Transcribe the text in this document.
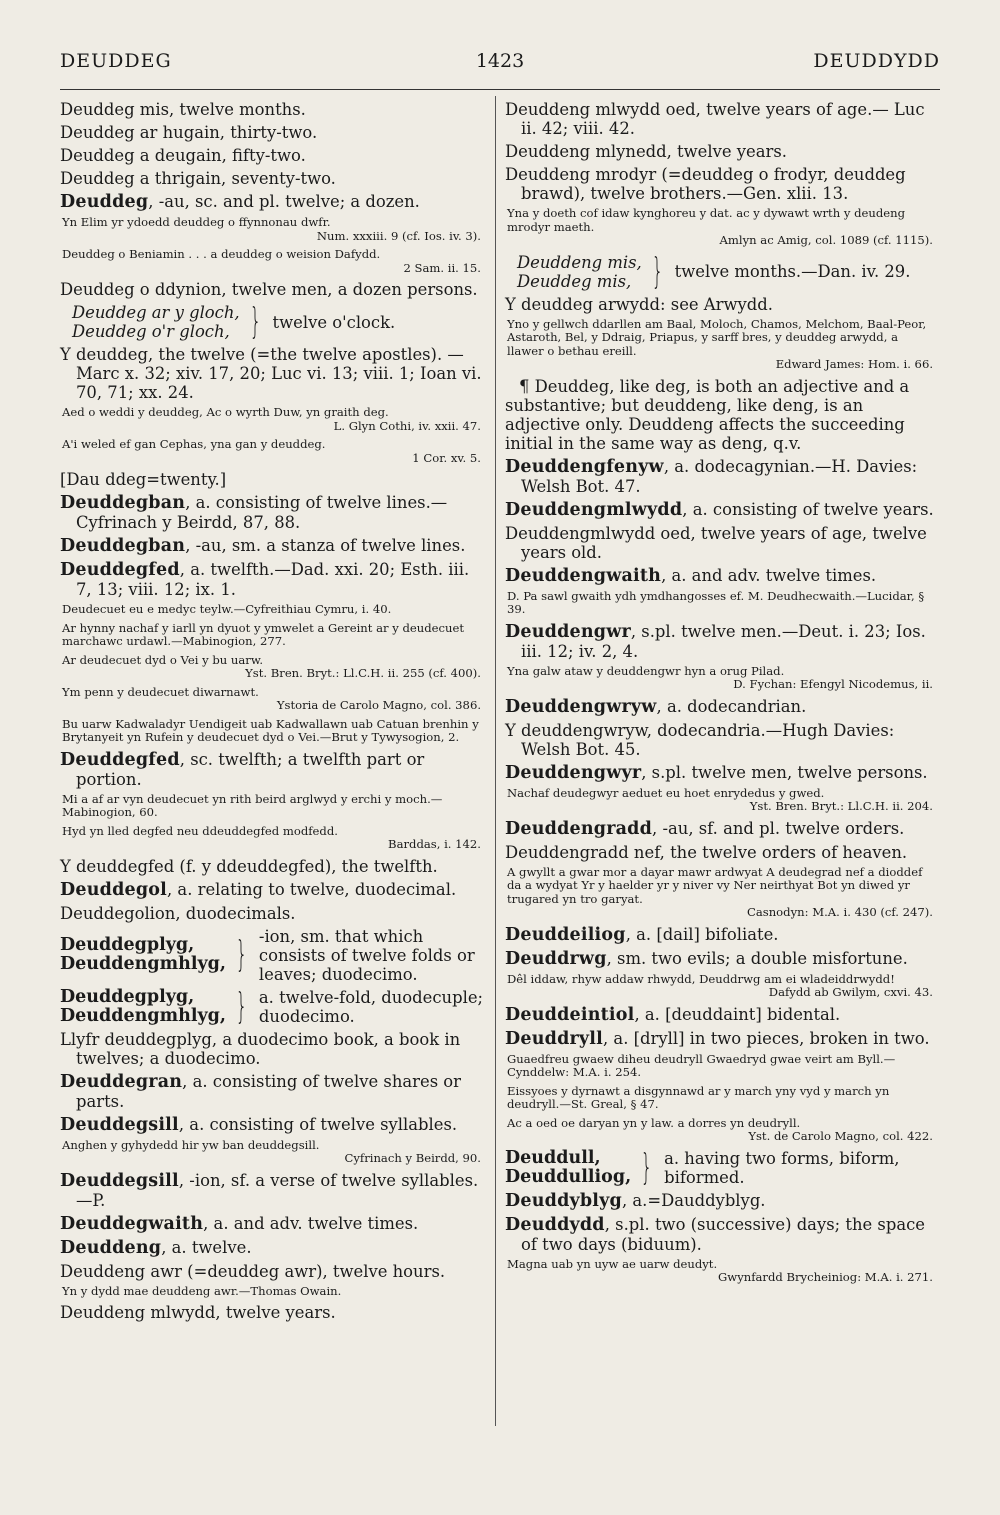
DEUDDEG	1423	DEUDDYDD
Deuddeg mis, twelve months.
Deuddeg ar hugain, thirty-two.
Deuddeg a deugain, fifty-two.
Deuddeg a thrigain, seventy-two.
Deuddeg, -au, sc. and pl. twelve; a dozen.
Yn Elim yr ydoedd deuddeg o ffynnonau dwfr.
Num. xxxiii. 9 (cf. Ios. iv. 3).
Deuddeg o Beniamin . . . a deuddeg o weision Dafydd.
2 Sam. ii. 15.
Deuddeg o ddynion, twelve men, a dozen persons.
Deuddeg ar y gloch,
Deuddeg o'r gloch, } twelve o'clock.
Y deuddeg, the twelve (=the twelve apostles). —Marc x. 32; xiv. 17, 20; Luc vi. 13; viii. 1; Ioan vi. 70, 71; xx. 24.
Aed o weddi y deuddeg, Ac o wyrth Duw, yn graith deg.
L. Glyn Cothi, iv. xxii. 47.
A'i weled ef gan Cephas, yna gan y deuddeg.
1 Cor. xv. 5.
[Dau ddeg=twenty.]
Deuddegban, a. consisting of twelve lines.— Cyfrinach y Beirdd, 87, 88.
Deuddegban, -au, sm. a stanza of twelve lines.
Deuddegfed, a. twelfth.—Dad. xxi. 20; Esth. iii. 7, 13; viii. 12; ix. 1.
Deudecuet eu e medyc teylw.—Cyfreithiau Cymru, i. 40.
Ar hynny nachaf y iarll yn dyuot y ymwelet a Gereint ar y deudecuet marchawc urdawl.—Mabinogion, 277.
Ar deudecuet dyd o Vei y bu uarw.
Yst. Bren. Bryt.: Ll.C.H. ii. 255 (cf. 400).
Ym penn y deudecuet diwarnawt.
Ystoria de Carolo Magno, col. 386.
Bu uarw Kadwaladyr Uendigeit uab Kadwallawn uab Catuan brenhin y Brytanyeit yn Rufein y deudecuet dyd o Vei.—Brut y Tywysogion, 2.
Deuddegfed, sc. twelfth; a twelfth part or portion.
Mi a af ar vyn deudecuet yn rith beird arglwyd y erchi y moch.—Mabinogion, 60.
Hyd yn lled degfed neu ddeuddegfed modfedd.
Barddas, i. 142.
Y deuddegfed (f. y ddeuddegfed), the twelfth.
Deuddegol, a. relating to twelve, duodecimal.
Deuddegolion, duodecimals.
Deuddegplyg,
Deuddengmhlyg, } -ion, sm. that which consists of twelve folds or leaves; duodecimo.
Deuddegplyg,
Deuddengmhlyg, } a. twelve-fold, duodecuple; duodecimo.
Llyfr deuddegplyg, a duodecimo book, a book in twelves; a duodecimo.
Deuddegran, a. consisting of twelve shares or parts.
Deuddegsill, a. consisting of twelve syllables.
Anghen y gyhydedd hir yw ban deuddegsill.
Cyfrinach y Beirdd, 90.
Deuddegsill, -ion, sf. a verse of twelve syllables.—P.
Deuddegwaith, a. and adv. twelve times.
Deuddeng, a. twelve.
Deuddeng awr (=deuddeg awr), twelve hours.
Yn y dydd mae deuddeng awr.—Thomas Owain.
Deuddeng mlwydd, twelve years.
Deuddeng mlwydd oed, twelve years of age.— Luc ii. 42; viii. 42.
Deuddeng mlynedd, twelve years.
Deuddeng mrodyr (=deuddeg o frodyr, deuddeg brawd), twelve brothers.—Gen. xlii. 13.
Yna y doeth cof idaw kynghoreu y dat. ac y dywawt wrth y deudeng mrodyr maeth.
Amlyn ac Amig, col. 1089 (cf. 1115).
Deuddeng mis,
Deuddeg mis, } twelve months.—Dan. iv. 29.
Y deuddeg arwydd: see Arwydd.
Yno y gellwch ddarllen am Baal, Moloch, Chamos, Melchom, Baal-Peor, Astaroth, Bel, y Ddraig, Priapus, y sarff bres, y deuddeg arwydd, a llawer o bethau ereill.
Edward James: Hom. i. 66.
¶ Deuddeg, like deg, is both an adjective and a substantive; but deuddeng, like deng, is an adjective only. Deuddeng affects the succeeding initial in the same way as deng, q.v.
Deuddengfenyw, a. dodecagynian.—H. Davies: Welsh Bot. 47.
Deuddengmlwydd, a. consisting of twelve years.
Deuddengmlwydd oed, twelve years of age, twelve years old.
Deuddengwaith, a. and adv. twelve times.
D. Pa sawl gwaith ydh ymdhangosses ef. M. Deudhecwaith.—Lucidar, § 39.
Deuddengwr, s.pl. twelve men.—Deut. i. 23; Ios. iii. 12; iv. 2, 4.
Yna galw ataw y deuddengwr hyn a orug Pilad.
D. Fychan: Efengyl Nicodemus, ii.
Deuddengwryw, a. dodecandrian.
Y deuddengwryw, dodecandria.—Hugh Davies: Welsh Bot. 45.
Deuddengwyr, s.pl. twelve men, twelve persons.
Nachaf deudegwyr aeduet eu hoet enrydedus y gwed.
Yst. Bren. Bryt.: Ll.C.H. ii. 204.
Deuddengradd, -au, sf. and pl. twelve orders.
Deuddengradd nef, the twelve orders of heaven.
A gwyllt a gwar mor a dayar mawr ardwyat A deudegrad nef a dioddef da a wydyat Yr y haelder yr y niver vy Ner neirthyat Bot yn diwed yr trugared yn tro garyat.
Casnodyn: M.A. i. 430 (cf. 247).
Deuddeiliog, a. [dail] bifoliate.
Deuddrwg, sm. two evils; a double misfortune.
Dêl iddaw, rhyw addaw rhwydd, Deuddrwg am ei wladeiddrwydd!
Dafydd ab Gwilym, cxvi. 43.
Deuddeintiol, a. [deuddaint] bidental.
Deuddryll, a. [dryll] in two pieces, broken in two.
Guaedfreu gwaew diheu deudryll Gwaedryd gwae veirt am Byll.—Cynddelw: M.A. i. 254.
Eissyoes y dyrnawt a disgynnawd ar y march yny vyd y march yn deudryll.—St. Greal, § 47.
Ac a oed oe daryan yn y law. a dorres yn deudryll.
Yst. de Carolo Magno, col. 422.
Deuddull,
Deuddulliog, } a. having two forms, biform, biformed.
Deuddyblyg, a.=Dauddyblyg.
Deuddydd, s.pl. two (successive) days; the space of two days (biduum).
Magna uab yn uyw ae uarw deudyt.
Gwynfardd Brycheiniog: M.A. i. 271.
